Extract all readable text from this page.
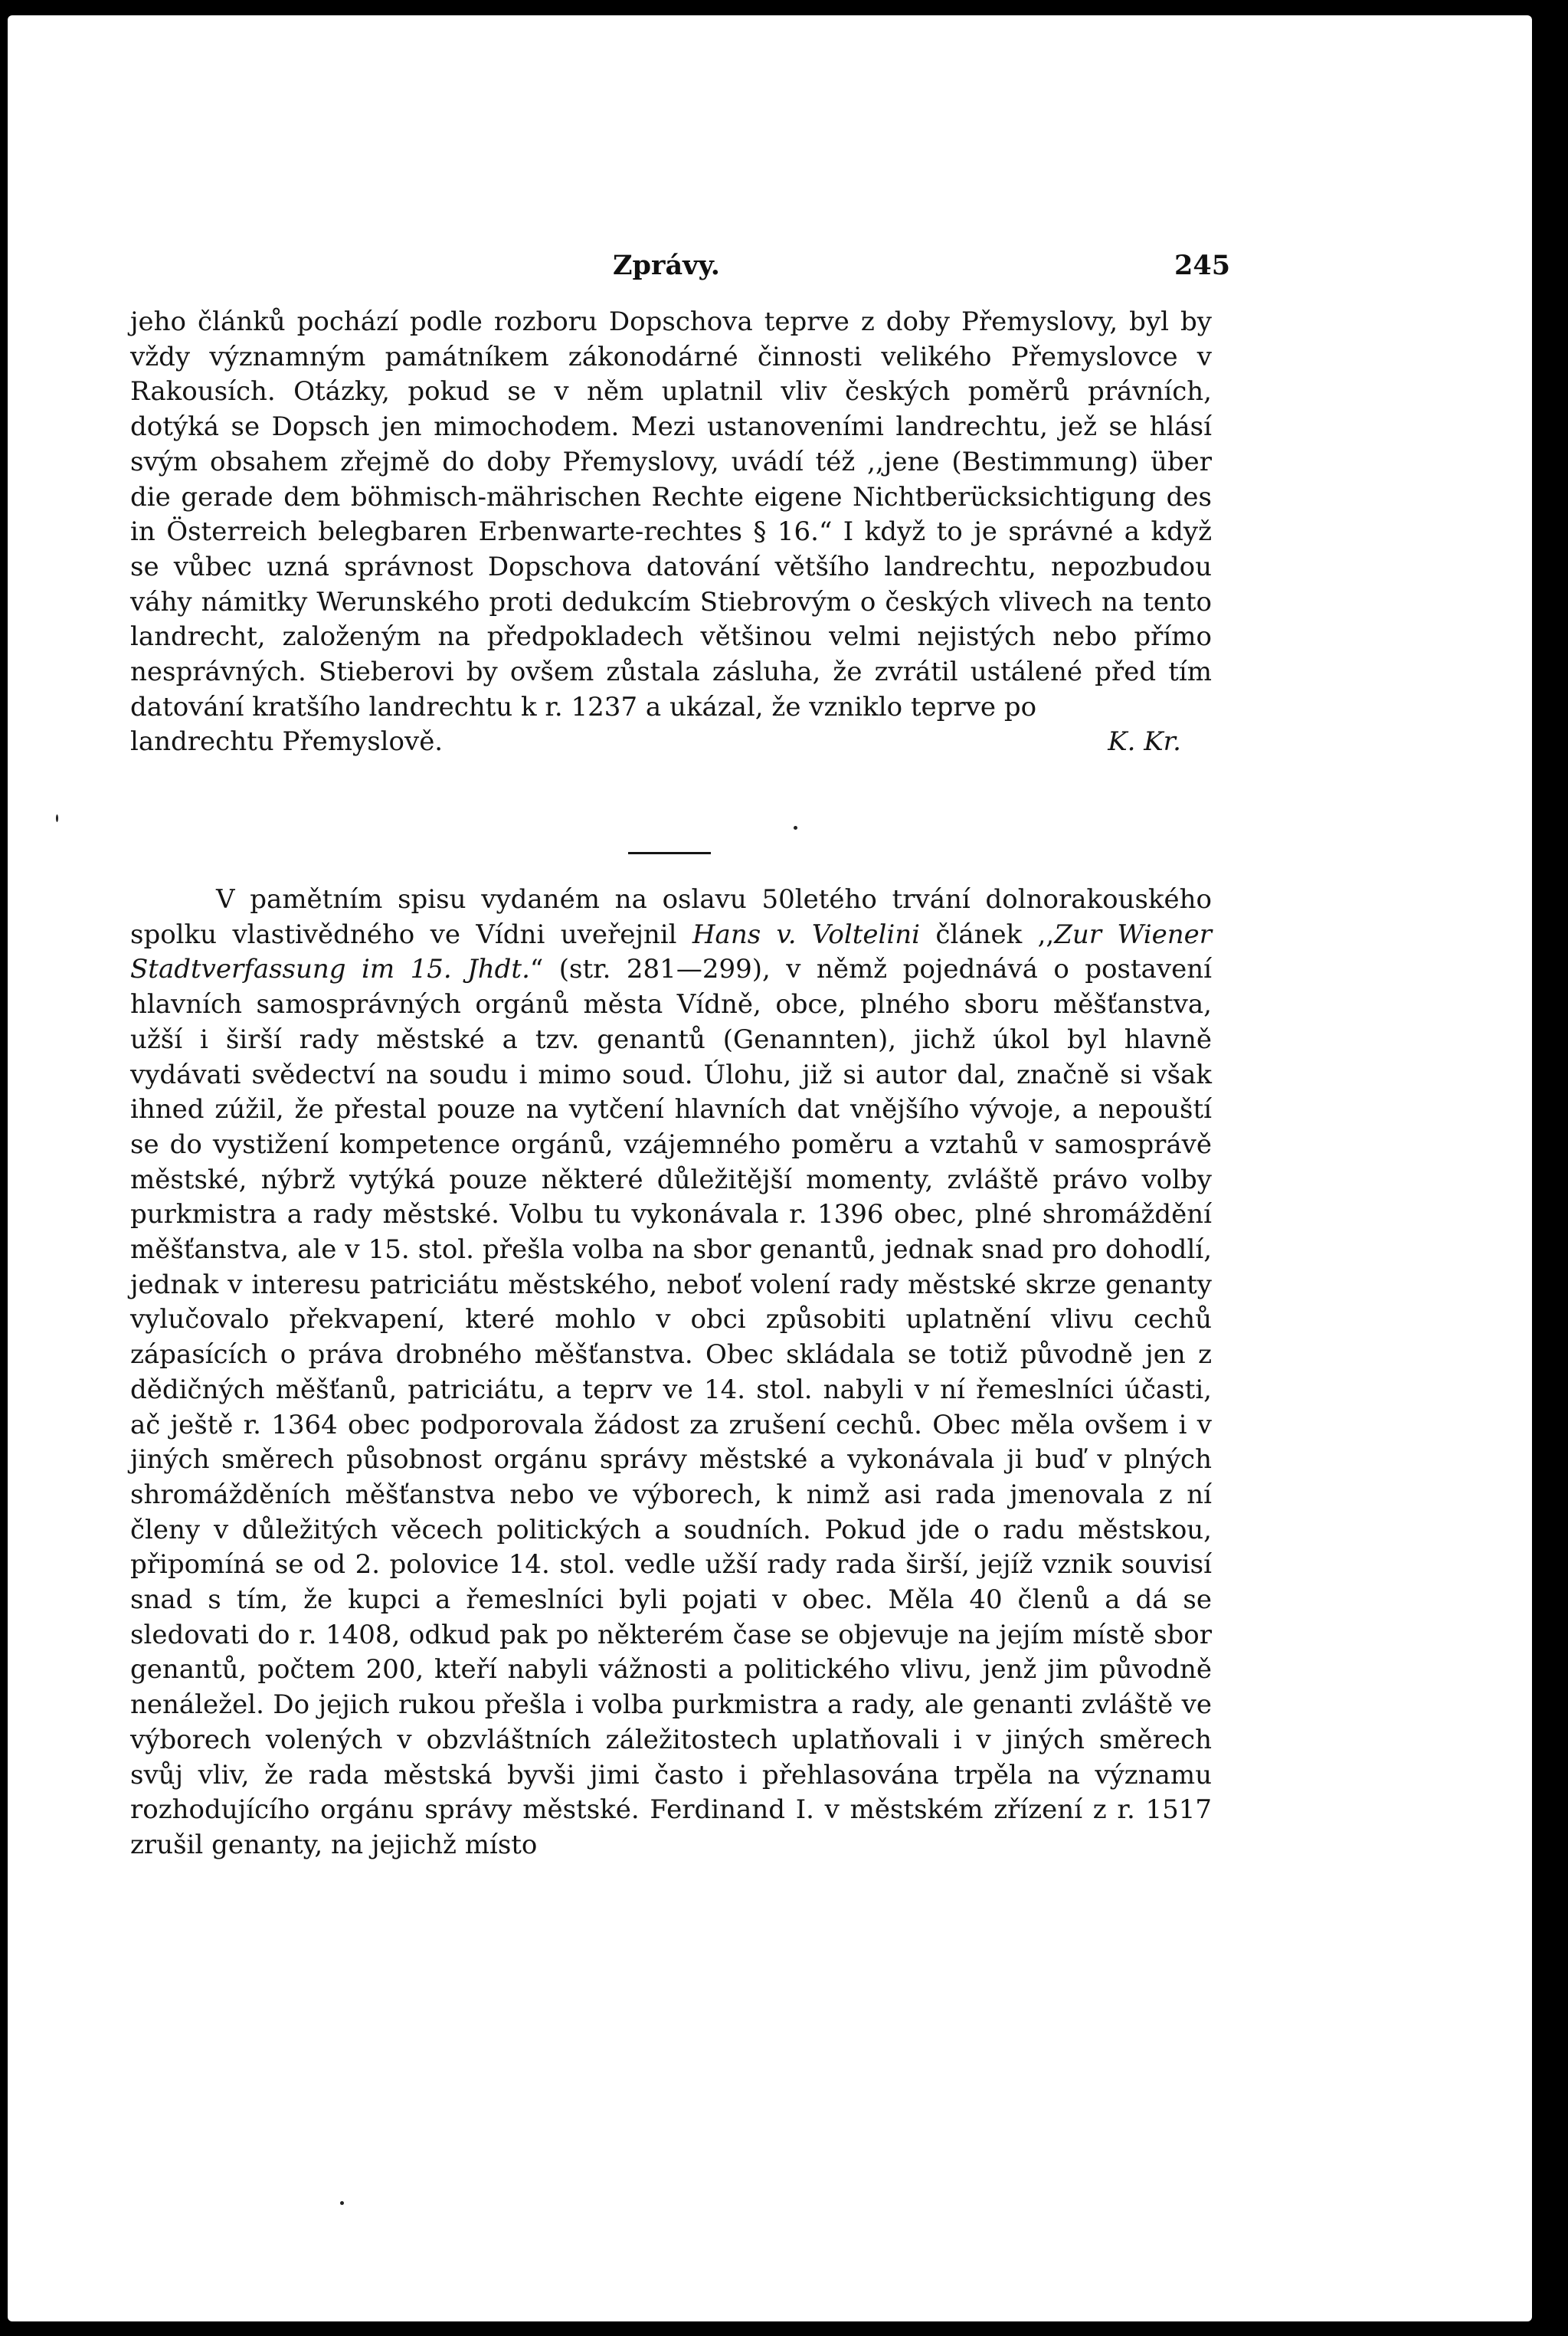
Zprávy.	245

jeho článků pochází podle rozboru Dopschova teprve z doby Přemyslovy, byl by vždy významným památníkem zákonodárné činnosti velikého Přemyslovce v Rakousích. Otázky, pokud se v něm uplatnil vliv českých poměrů právních, dotýká se Dopsch jen mimochodem. Mezi ustanoveními landrechtu, jež se hlásí svým obsahem zřejmě do doby Přemyslovy, uvádí též ,,jene (Bestimmung) über die gerade dem böhmisch-mährischen Rechte eigene Nichtberücksichtigung des in Österreich belegbaren Erbenwarte-rechtes § 16.“ I když to je správné a když se vůbec uzná správnost Dopschova datování většího landrechtu, nepozbudou váhy námitky Werunského proti dedukcím Stiebrovým o českých vlivech na tento landrecht, založeným na předpokladech většinou velmi nejistých nebo přímo nesprávných. Stieberovi by ovšem zůstala zásluha, že zvrátil ustálené před tím datování kratšího landrechtu k r. 1237 a ukázal, že vzniklo teprve po

landrechtu Přemyslově.	K. Kr.

V pamětním spisu vydaném na oslavu 50letého trvání dolnorakouského spolku vlastivědného ve Vídni uveřejnil Hans v. Voltelini článek ,,Zur Wiener Stadtverfassung im 15. Jhdt.“ (str. 281—299), v němž pojednává o postavení hlavních samosprávných orgánů města Vídně, obce, plného sboru měšťanstva, užší i širší rady městské a tzv. genantů (Genannten), jichž úkol byl hlavně vydávati svědectví na soudu i mimo soud. Úlohu, již si autor dal, značně si však ihned zúžil, že přestal pouze na vytčení hlavních dat vnějšího vývoje, a nepouští se do vystižení kompetence orgánů, vzájemného poměru a vztahů v samosprávě městské, nýbrž vytýká pouze některé důležitější momenty, zvláště právo volby purkmistra a rady městské. Volbu tu vykonávala r. 1396 obec, plné shromáždění měšťanstva, ale v 15. stol. přešla volba na sbor genantů, jednak snad pro dohodlí, jednak v interesu patriciátu městského, neboť volení rady městské skrze genanty vylučovalo překvapení, které mohlo v obci způsobiti uplatnění vlivu cechů zápasících o práva drobného měšťanstva. Obec skládala se totiž původně jen z dědičných měšťanů, patriciátu, a teprv ve 14. stol. nabyli v ní řemeslníci účasti, ač ještě r. 1364 obec podporovala žádost za zrušení cechů. Obec měla ovšem i v jiných směrech působnost orgánu správy městské a vykonávala ji buď v plných shromážděních měšťanstva nebo ve výborech, k nimž asi rada jmenovala z ní členy v důležitých věcech politických a soudních. Pokud jde o radu městskou, připomíná se od 2. polovice 14. stol. vedle užší rady rada širší, jejíž vznik souvisí snad s tím, že kupci a řemeslníci byli pojati v obec. Měla 40 členů a dá se sledovati do r. 1408, odkud pak po některém čase se objevuje na jejím místě sbor genantů, počtem 200, kteří nabyli vážnosti a politického vlivu, jenž jim původně nenáležel. Do jejich rukou přešla i volba purkmistra a rady, ale genanti zvláště ve výborech volených v obzvláštních záležitostech uplatňovali i v jiných směrech svůj vliv, že rada městská byvši jimi často i přehlasována trpěla na významu rozhodujícího orgánu správy městské. Ferdinand I. v městském zřízení z r. 1517 zrušil genanty, na jejichž místo
